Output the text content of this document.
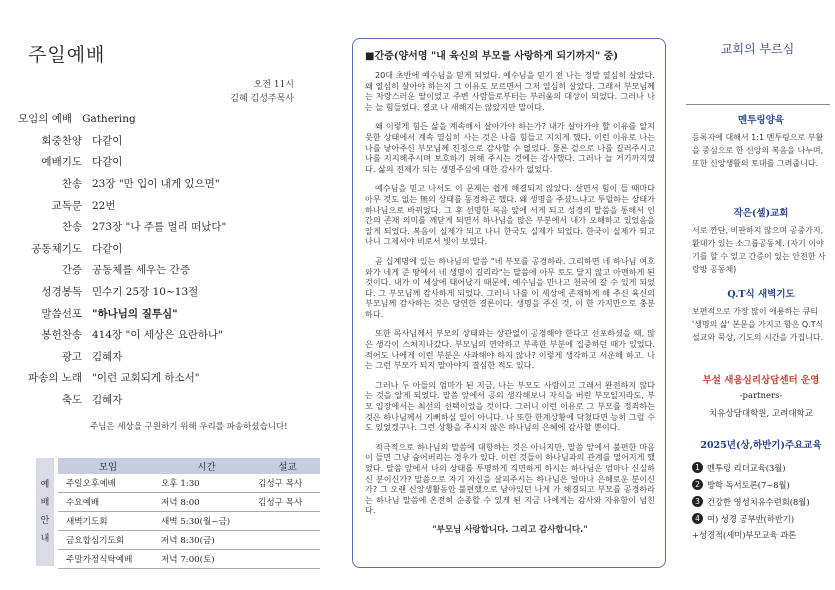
주일예배
오전 11시
김혜 김성주목사
모임의 예배 Gathering
회중찬양 다같이
예배기도 다같이
찬송 23장 "만 입이 내게 있으면"
교독문 22번
찬송 273장 "나 주를 멀리 떠났다"
공동체기도 다같이
간증 공동체를 세우는 간증
성경봉독 민수기 25장 10~13절
말씀선포 "하나님의 질투심"
봉헌찬송 414장 "이 세상은 요란하나"
광고 김혜자
파송의 노래 "이런 교회되게 하소서"
축도 김혜자
주님은 세상을 구원하기 위해 우리를 파송하셨습니다!
예
배
안
내
모임	시간	설교
주일오후예배	오후 1:30	김성구 목사
수요예배	저녁 8:00	김성구 목사
새벽기도회	새벽 5:30(월~금)	
금요합심기도회	저녁 8:30(금)	
주말가정식탁예배	저녁 7:00(토)	
■간증(양서영 "내 육신의 부모를 사랑하게 되기까지" 중)

20대 초반에 예수님을 믿게 되었다. 예수님을 믿기 전 나는 정말 열심히 살았다. 왜 열심히 살아야 하는지 그 이유도 모르면서 그저 열심히 살았다. 그래서 부모님께는 자랑스러운 딸이었고 주변 사람들로부터는 부러움의 대상이 되었다. 그러나 나는 늘 힘들었다. 결코 나 새해지는 않았지만 말이다.

왜 이렇게 힘든 삶을 계속해서 살아가야 하는가? 내가 살아가야 할 이유를 알지 못한 상태에서 계속 열심히 사는 것은 나를 힘들고 지치게 했다. 이런 이유로 나는 나를 낳아주신 부모님께 진정으로 감사할 수 없었다. 물론 겉으로 나를 길러주시고 나를 지지해주시며 보호하기 위해 주시는 것에는 감사했다. 그러나 늘 거기까지였다. 삶의 전제가 되는 생명주심에 대한 감사가 없었다.

예수님을 믿고 나서도 이 문제는 쉽게 해결되지 않았다. 살면서 힘이 들 때마다 아무 것도 없는 無의 상태를 동경하곤 했다. 왜 생명을 주셨느냐고 투덜하는 상태가 하나님으로 바뀌었다. 그 후 선명한 복음 앞에 서게 되고 성경의 말씀을 통해서 인간의 존재 의미를 깨닫게 되면서 하나님을 많은 부분에서 내가 오해하고 있었음을 알게 되었다. 복음이 실제가 되고 나니 한국도 실제가 되었다. 한국이 실제가 되고 나니 그제서야 비로서 빛이 보였다.

곧 십계명에 있는 하나님의 말씀 "네 부모를 공경하라. 그리하면 네 하나님 여호와가 네게 준 땅에서 네 생명이 길리라"는 말씀에 아무 토도 달지 않고 아멘하게 된 것이다. 내가 이 세상에 태어났기 때문에, 예수님을 만나고 천국에 갈 수 있게 되었다. 그 부모님께 감사하게 되었다. 그러니 나를 이 세상에 존재하게 해 주신 육신의 부모님께 감사하는 것은 당연한 결론이다. 생명을 주신 것, 이 한 가지만으로 충분하다.

또한 목사님께서 부모의 상태와는 상관없이 공경해야 한다고 선포하셨을 때, 많은 생각이 스쳐지나갔다. 부모님의 연약하고 부족한 부분에 집중하던 때가 있었다. 적어도 나에게 이런 부분은 사과해야 하지 않나? 이렇게 생각하고 서운해 하고. 나는 그런 부모가 되지 말아야지 결심한 적도 있다.

그러나 두 아들의 엄마가 된 지금, 나는 부모도 사람이고 그래서 완전하지 않다는 것을 알게 되었다. 말씀 앞에서 공의 생각해보니 자식을 버린 부모일지라도, 부모 입장에서는 최선의 선택이었을 것이다. 그러니 이런 이유로 그 부모를 정죄하는 것은 하나님께서 기뻐하실 일이 아니다. 나 또한 한계상황에 닥쳤다면 능히 그럴 수도 있었겠구나. 그런 상황을 주시지 않은 하나님의 은혜에 감사할 뿐이다.

적극적으로 하나님의 말씀에 대항하는 것은 아니지만, 말씀 앞에서 불편한 마음이 들면 그냥 숨어버리는 경우가 있다. 이런 것들이 하나님과의 관계를 멀어지게 했었다. 말씀 앞에서 나의 상태를 투명하게 직면하게 하시는 하나님은 엄마나 신실하신 분이신가? 말씀으로 자기 자신을 살피주시는 하나님은 얼마나 은혜로운 분이신가? 그 오랜 신앙생활동안 불편했으로 남아있던 나게 가 해결되고 부모를 공경하라는 하나님 말씀에 온전히 순종할 수 있게 된 지금 나에게는 감사와 자유함이 넘친다.

"부모님 사랑합니다. 그리고 감사합니다."

교회의 부르심
멘투링양육

등록자에 대해서 1:1 멘투링으로 부활을 중심으로 한 신앙의 복음을 나누며, 또한 신앙생활의 토대를 그려줍니다.

작은(셀)교회

서로 깐단, 비판하지 않으며 공중가지, 환대가 있는 소그룹공동체. (자기 이야기를 할 수 있고 간증이 있는 안전한 사랑방 공동체)

Q.T식 새벽기도

보편적으로 가장 많이 애용하는 큐티 '생명의 삶' 본문을 가지고 함은 Q.T식 설교와 묵상, 기도의 시간을 가집니다.

부설 새움심리상담센터 운영
-partners-
치유상담대학원, 고려대학교
2025년(상,하반기)주요교육
1 멘투링 리더교육(3월)
2 방학 독서토론(7~8월)
3 건강한 영성치유수련회(8월)
4 여) 성경 공부반(하반기)
+성경적(세미)부모교육 과론
